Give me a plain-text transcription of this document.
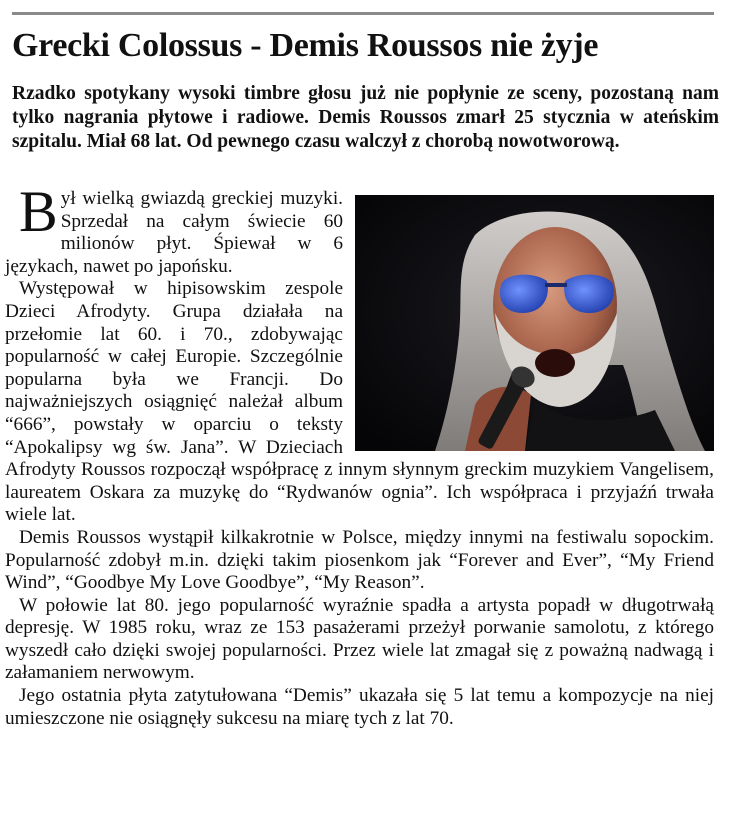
Grecki Colossus - Demis Roussos nie żyje

Rzadko spotykany wysoki timbre głosu już nie popłynie ze sceny, pozostaną nam tylko nagrania płytowe i radiowe. Demis Roussos zmarł 25 stycznia w ateńskim szpitalu. Miał 68 lat. Od pewnego czasu walczył z chorobą nowotworową.

Był wielką gwiazdą greckiej muzyki. Sprzedał na całym świecie 60 milionów płyt. Śpiewał w 6 językach, nawet po japońsku.

Występował w hipisowskim zespole Dzieci Afrodyty. Grupa działała na przełomie lat 60. i 70., zdobywając popularność w całej Europie. Szczególnie popularna była we Francji. Do najważniejszych osiągnięć należał album “666”, powstały w oparciu o teksty “Apokalipsy wg św. Jana”. W Dzieciach Afrodyty Roussos rozpoczął współpracę z innym słynnym greckim muzykiem Vangelisem, laureatem Oskara za muzykę do “Rydwanów ognia”. Ich współpraca i przyjaźń trwała wiele lat.

Demis Roussos wystąpił kilkakrotnie w Polsce, między innymi na festiwalu sopockim. Popularność zdobył m.in. dzięki takim piosenkom jak “Forever and Ever”, “My Friend Wind”, “Goodbye My Love Goodbye”, “My Reason”.

W połowie lat 80. jego popularność wyraźnie spadła a artysta popadł w długotrwałą depresję. W 1985 roku, wraz ze 153 pasażerami przeżył porwanie samolotu, z którego wyszedł cało dzięki swojej popularności. Przez wiele lat zmagał się z poważną nadwagą i załamaniem nerwowym.

Jego ostatnia płyta zatytułowana “Demis” ukazała się 5 lat temu a kompozycje na niej umieszczone nie osiągnęły sukcesu na miarę tych z lat 70.
